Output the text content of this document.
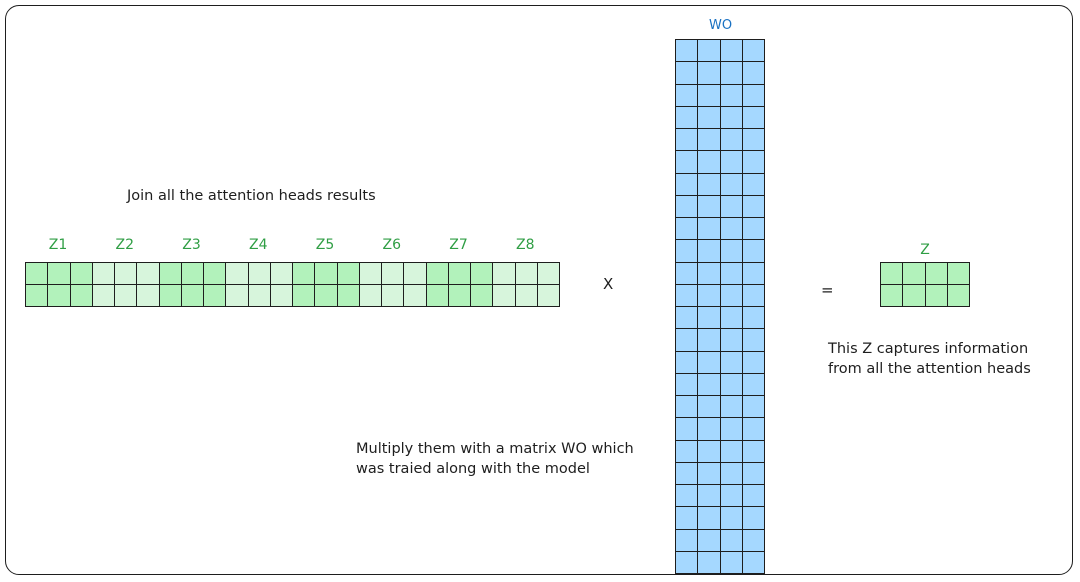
Join all the attention heads results
Z1	Z2	Z3	Z4	Z5	Z6	Z7	Z8
X
WO
=
Z
Multiply them with a matrix WO which
was traied along with the model
This Z captures information
from all the attention heads
